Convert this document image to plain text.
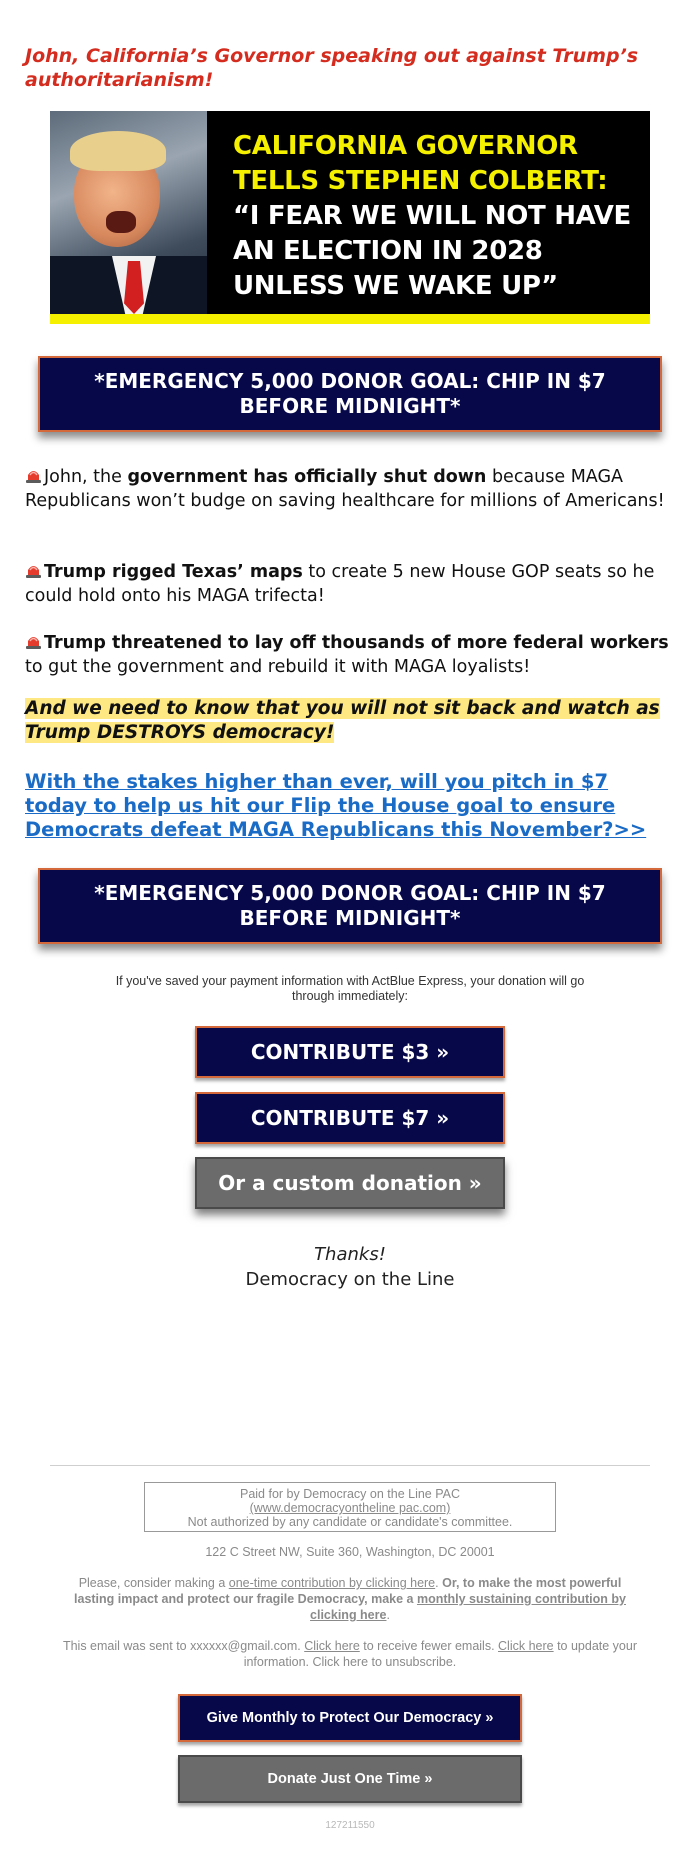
John, California’s Governor speaking out against Trump’s authoritarianism!
CALIFORNIA GOVERNOR TELLS STEPHEN COLBERT: “I FEAR WE WILL NOT HAVE AN ELECTION IN 2028 UNLESS WE WAKE UP”
*EMERGENCY 5,000 DONOR GOAL: CHIP IN $7 BEFORE MIDNIGHT*
John, the government has officially shut down because MAGA Republicans won’t budge on saving healthcare for millions of Americans!
Trump rigged Texas’ maps to create 5 new House GOP seats so he could hold onto his MAGA trifecta!
Trump threatened to lay off thousands of more federal workers to gut the government and rebuild it with MAGA loyalists!
And we need to know that you will not sit back and watch as Trump DESTROYS democracy!
With the stakes higher than ever, will you pitch in $7 today to help us hit our Flip the House goal to ensure Democrats defeat MAGA Republicans this November?>>
*EMERGENCY 5,000 DONOR GOAL: CHIP IN $7 BEFORE MIDNIGHT*
If you've saved your payment information with ActBlue Express, your donation will go through immediately:
CONTRIBUTE $3 »
CONTRIBUTE $7 »
Or a custom donation »
Thanks!
Democracy on the Line
Paid for by Democracy on the Line PAC
(www.democracyontheline pac.com)
Not authorized by any candidate or candidate's committee.
122 C Street NW, Suite 360, Washington, DC 20001
Please, consider making a one-time contribution by clicking here. Or, to make the most powerful lasting impact and protect our fragile Democracy, make a monthly sustaining contribution by clicking here.
This email was sent to xxxxxx@gmail.com. Click here to receive fewer emails. Click here to update your information. Click here to unsubscribe.
Give Monthly to Protect Our Democracy »
Donate Just One Time »
127211550
